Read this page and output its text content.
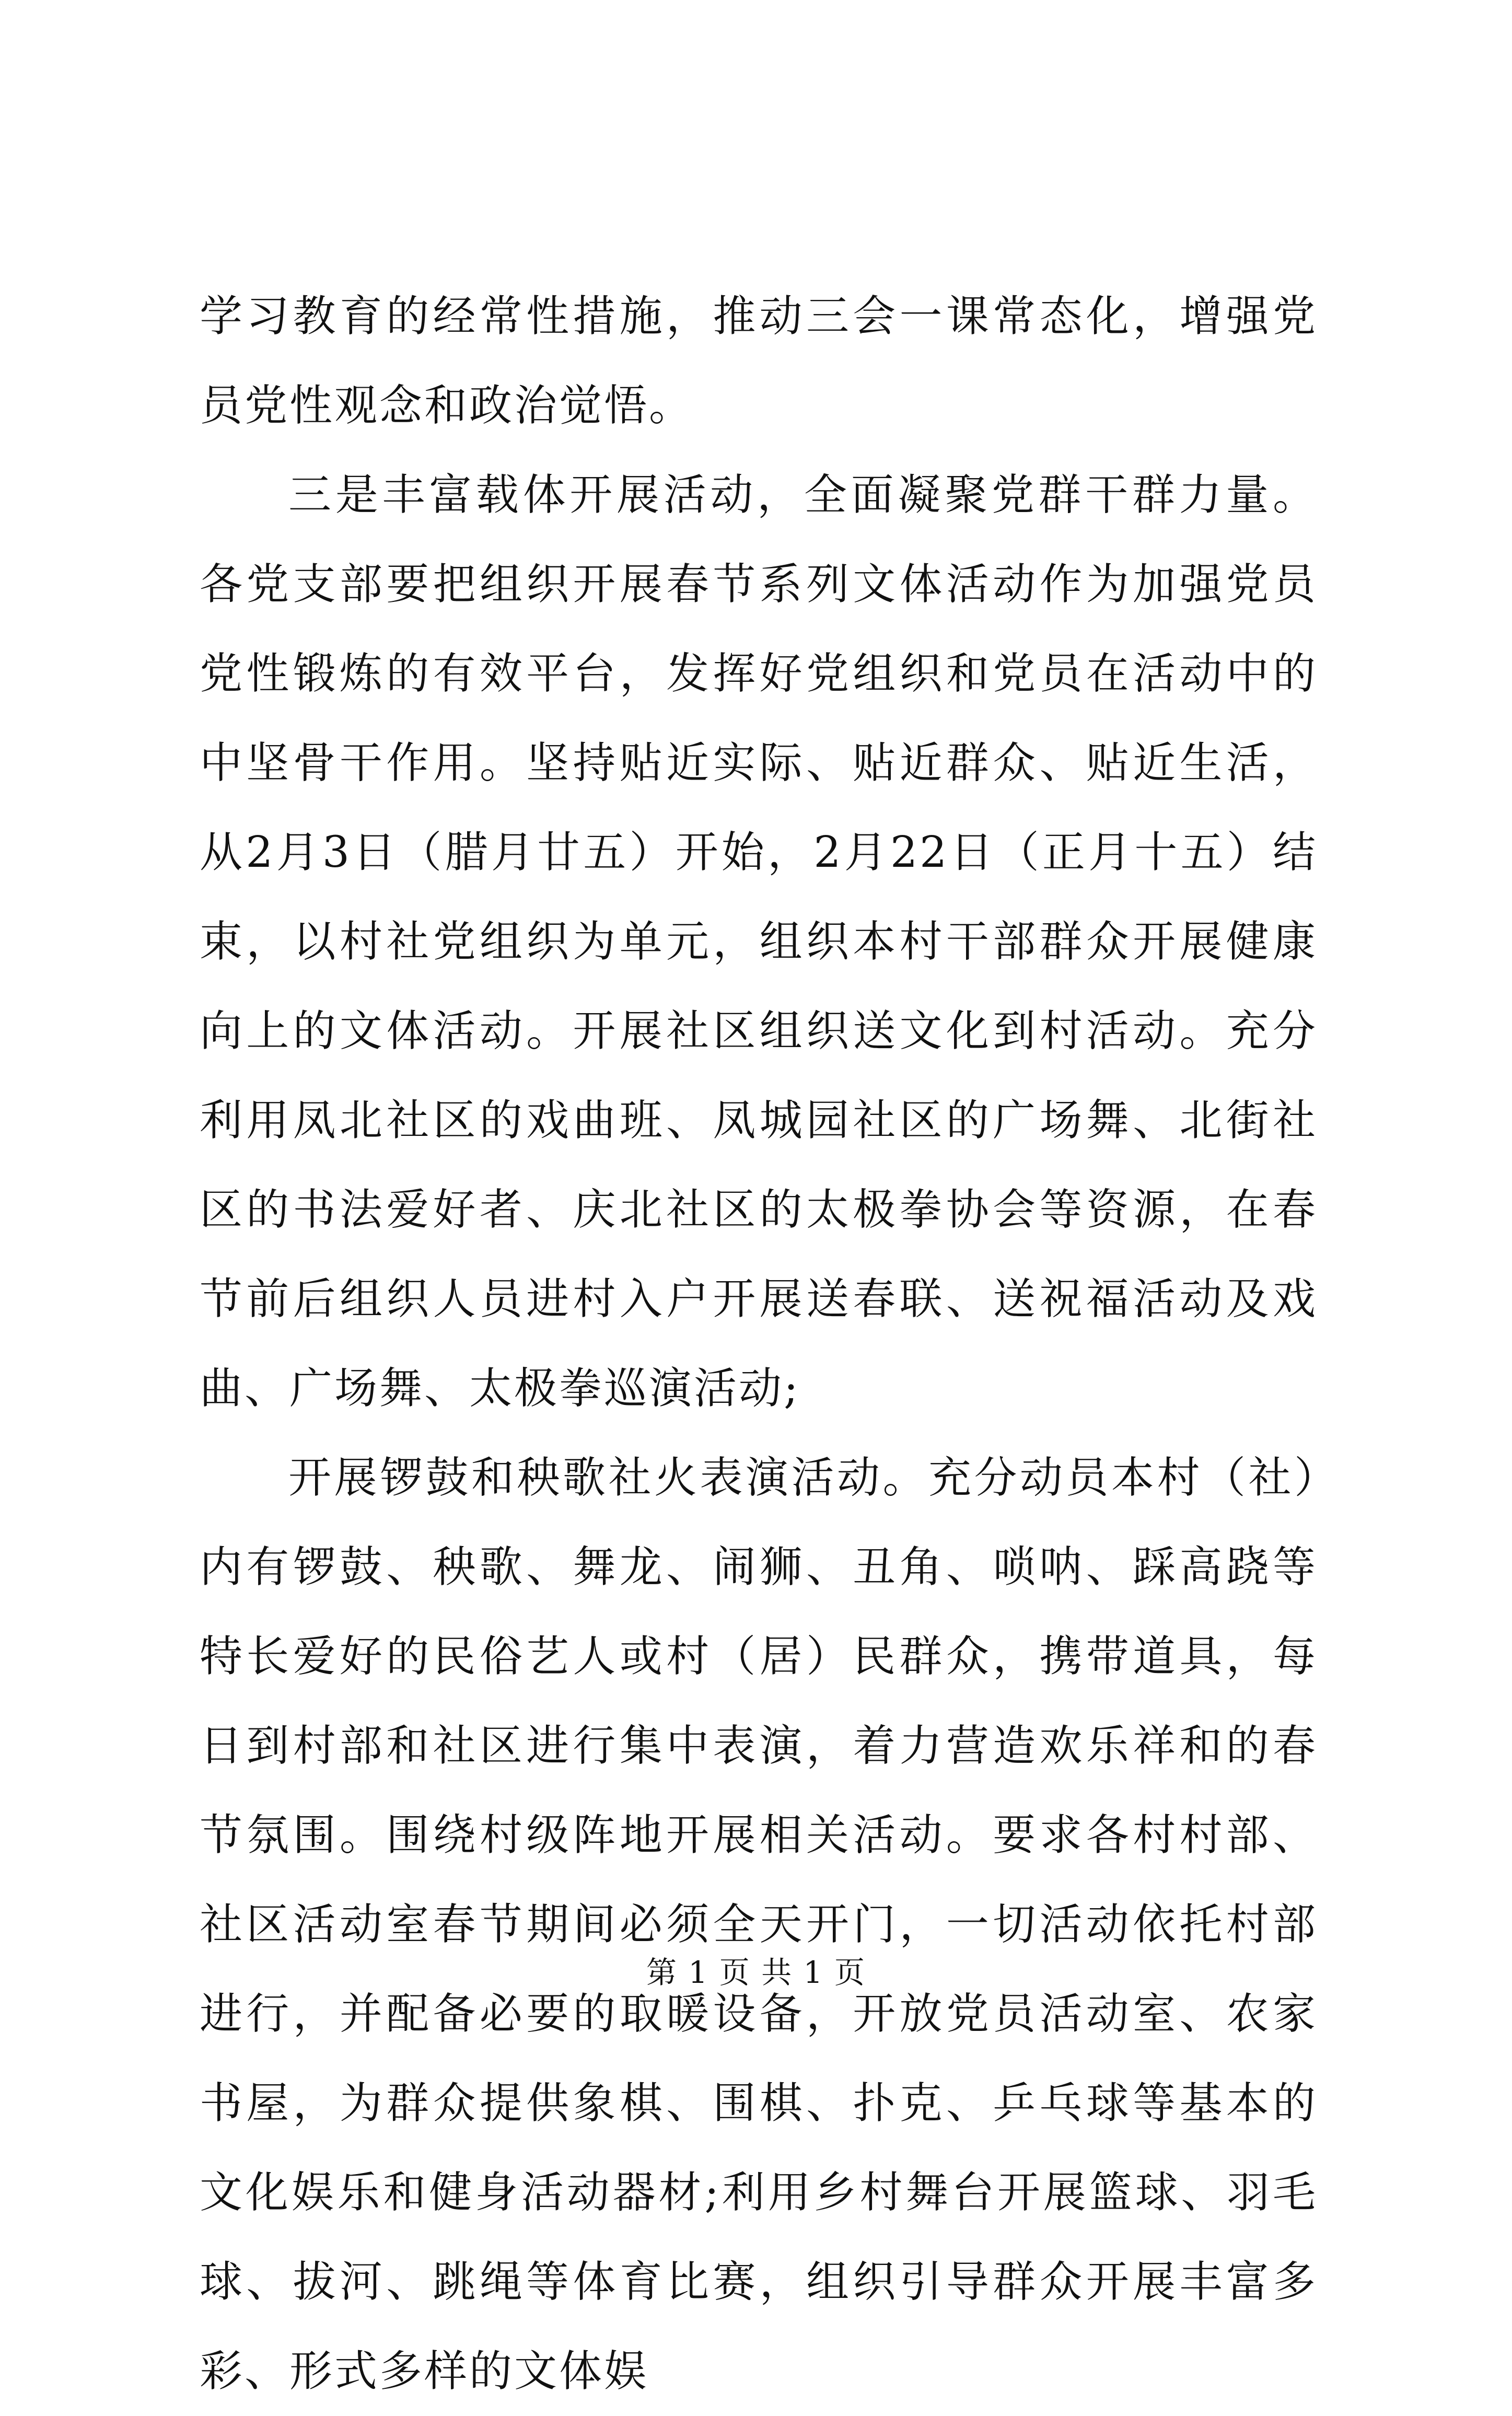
学习教育的经常性措施，推动三会一课常态化，增强党员党性观念和政治觉悟。

三是丰富载体开展活动，全面凝聚党群干群力量。各党支部要把组织开展春节系列文体活动作为加强党员党性锻炼的有效平台，发挥好党组织和党员在活动中的中坚骨干作用。坚持贴近实际、贴近群众、贴近生活，从2月3日（腊月廿五）开始，2月22日（正月十五）结束，以村社党组织为单元，组织本村干部群众开展健康向上的文体活动。开展社区组织送文化到村活动。充分利用凤北社区的戏曲班、凤城园社区的广场舞、北街社区的书法爱好者、庆北社区的太极拳协会等资源，在春节前后组织人员进村入户开展送春联、送祝福活动及戏曲、广场舞、太极拳巡演活动;

开展锣鼓和秧歌社火表演活动。充分动员本村（社）内有锣鼓、秧歌、舞龙、闹狮、丑角、唢呐、踩高跷等特长爱好的民俗艺人或村（居）民群众，携带道具，每日到村部和社区进行集中表演，着力营造欢乐祥和的春节氛围。围绕村级阵地开展相关活动。要求各村村部、社区活动室春节期间必须全天开门，一切活动依托村部进行，并配备必要的取暖设备，开放党员活动室、农家书屋，为群众提供象棋、围棋、扑克、乒乓球等基本的文化娱乐和健身活动器材;利用乡村舞台开展篮球、羽毛球、拔河、跳绳等体育比赛，组织引导群众开展丰富多彩、形式多样的文体娱

第 1 页 共 1 页
